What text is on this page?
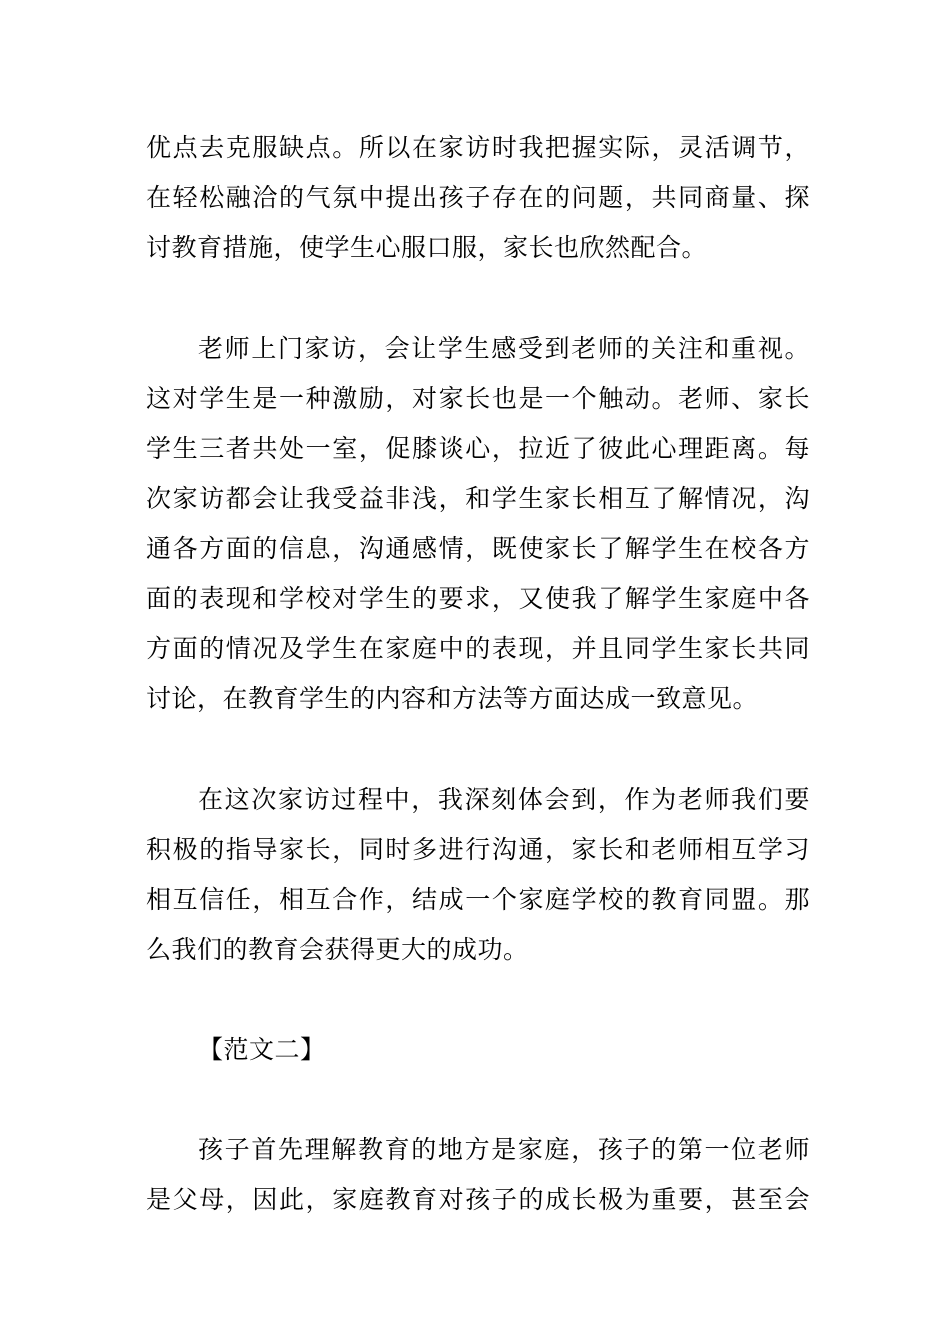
优点去克服缺点。所以在家访时我把握实际，灵活调节，
在轻松融洽的气氛中提出孩子存在的问题，共同商量、探
讨教育措施，使学生心服口服，家长也欣然配合。
老师上门家访，会让学生感受到老师的关注和重视。
这对学生是一种激励，对家长也是一个触动。老师、家长
学生三者共处一室，促膝谈心，拉近了彼此心理距离。每
次家访都会让我受益非浅，和学生家长相互了解情况，沟
通各方面的信息，沟通感情，既使家长了解学生在校各方
面的表现和学校对学生的要求，又使我了解学生家庭中各
方面的情况及学生在家庭中的表现，并且同学生家长共同
讨论，在教育学生的内容和方法等方面达成一致意见。
在这次家访过程中，我深刻体会到，作为老师我们要
积极的指导家长，同时多进行沟通，家长和老师相互学习
相互信任，相互合作，结成一个家庭学校的教育同盟。那
么我们的教育会获得更大的成功。
【范文二】
孩子首先理解教育的地方是家庭，孩子的第一位老师
是父母，因此，家庭教育对孩子的成长极为重要，甚至会
